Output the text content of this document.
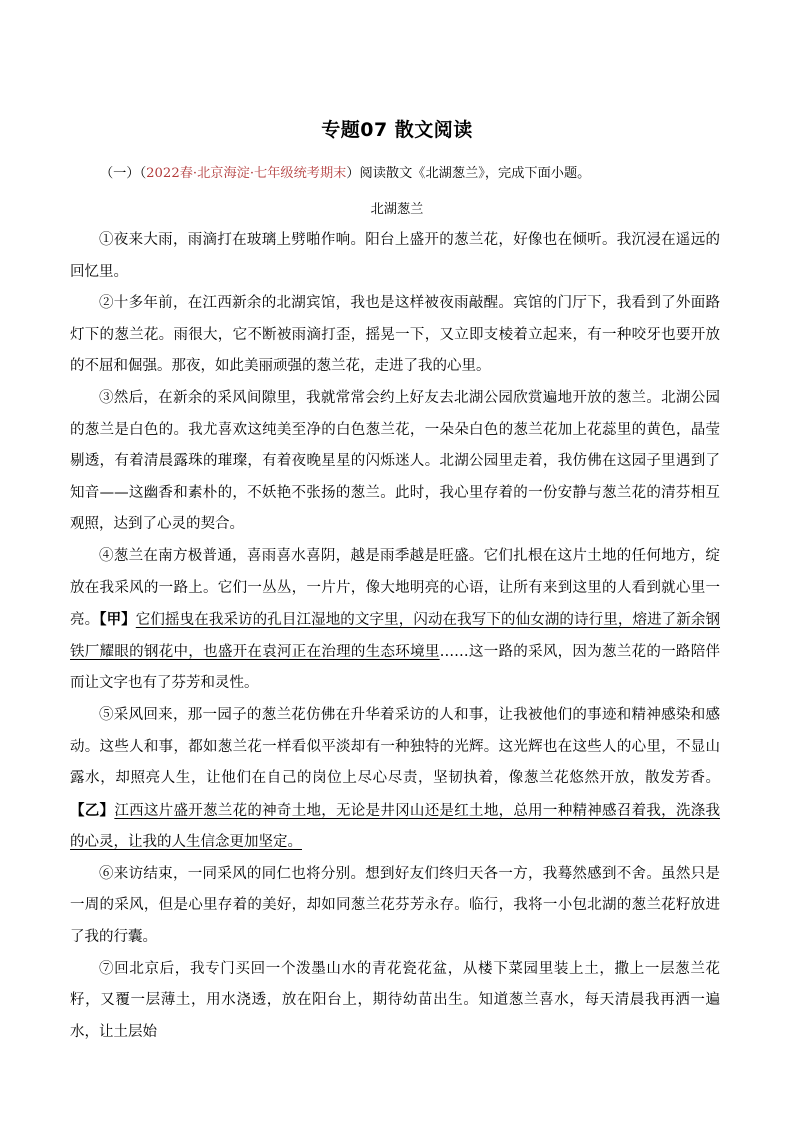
专题07 散文阅读
（一）（2022春·北京海淀·七年级统考期末）阅读散文《北湖葱兰》，完成下面小题。
北湖葱兰

①夜来大雨，雨滴打在玻璃上劈啪作响。阳台上盛开的葱兰花，好像也在倾听。我沉浸在遥远的回忆里。

②十多年前，在江西新余的北湖宾馆，我也是这样被夜雨敲醒。宾馆的门厅下，我看到了外面路灯下的葱兰花。雨很大，它不断被雨滴打歪，摇晃一下，又立即支棱着立起来，有一种咬牙也要开放的不屈和倔强。那夜，如此美丽顽强的葱兰花，走进了我的心里。

③然后，在新余的采风间隙里，我就常常会约上好友去北湖公园欣赏遍地开放的葱兰。北湖公园的葱兰是白色的。我尤喜欢这纯美至净的白色葱兰花，一朵朵白色的葱兰花加上花蕊里的黄色，晶莹剔透，有着清晨露珠的璀璨，有着夜晚星星的闪烁迷人。北湖公园里走着，我仿佛在这园子里遇到了知音——这幽香和素朴的，不妖艳不张扬的葱兰。此时，我心里存着的一份安静与葱兰花的清芬相互观照，达到了心灵的契合。

④葱兰在南方极普通，喜雨喜水喜阴，越是雨季越是旺盛。它们扎根在这片土地的任何地方，绽放在我采风的一路上。它们一丛丛，一片片，像大地明亮的心语，让所有来到这里的人看到就心里一亮。【甲】它们摇曳在我采访的孔目江湿地的文字里，闪动在我写下的仙女湖的诗行里，熔进了新余钢铁厂耀眼的钢花中，也盛开在袁河正在治理的生态环境里……这一路的采风，因为葱兰花的一路陪伴而让文字也有了芬芳和灵性。

⑤采风回来，那一园子的葱兰花仿佛在升华着采访的人和事，让我被他们的事迹和精神感染和感动。这些人和事，都如葱兰花一样看似平淡却有一种独特的光辉。这光辉也在这些人的心里，不显山露水，却照亮人生，让他们在自己的岗位上尽心尽责，坚韧执着，像葱兰花悠然开放，散发芳香。【乙】江西这片盛开葱兰花的神奇土地，无论是井冈山还是红土地，总用一种精神感召着我，洗涤我的心灵，让我的人生信念更加坚定。

⑥来访结束，一同采风的同仁也将分别。想到好友们终归天各一方，我蓦然感到不舍。虽然只是一周的采风，但是心里存着的美好，却如同葱兰花芬芳永存。临行，我将一小包北湖的葱兰花籽放进了我的行囊。

⑦回北京后，我专门买回一个泼墨山水的青花瓷花盆，从楼下菜园里装上土，撒上一层葱兰花籽，又覆一层薄土，用水浇透，放在阳台上，期待幼苗出生。知道葱兰喜水，每天清晨我再洒一遍水，让土层始
